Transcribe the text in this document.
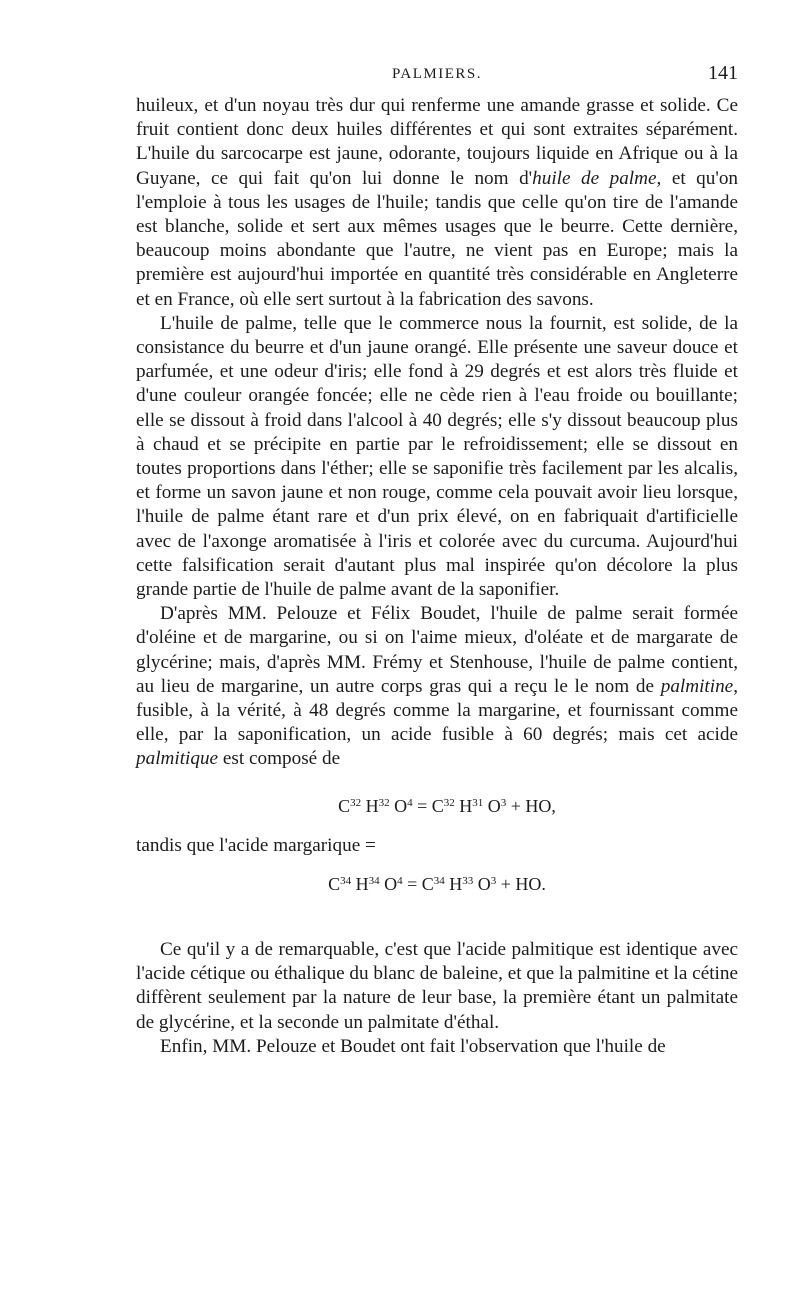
PALMIERS.	141

huileux, et d'un noyau très dur qui renferme une amande grasse et solide. Ce fruit contient donc deux huiles différentes et qui sont extraites séparément. L'huile du sarcocarpe est jaune, odorante, toujours liquide en Afrique ou à la Guyane, ce qui fait qu'on lui donne le nom d'huile de palme, et qu'on l'emploie à tous les usages de l'huile; tandis que celle qu'on tire de l'amande est blanche, solide et sert aux mêmes usages que le beurre. Cette dernière, beaucoup moins abondante que l'autre, ne vient pas en Europe; mais la première est aujourd'hui importée en quantité très considérable en Angleterre et en France, où elle sert surtout à la fabrication des savons.

L'huile de palme, telle que le commerce nous la fournit, est solide, de la consistance du beurre et d'un jaune orangé. Elle présente une saveur douce et parfumée, et une odeur d'iris; elle fond à 29 degrés et est alors très fluide et d'une couleur orangée foncée; elle ne cède rien à l'eau froide ou bouillante; elle se dissout à froid dans l'alcool à 40 degrés; elle s'y dissout beaucoup plus à chaud et se précipite en partie par le refroidissement; elle se dissout en toutes proportions dans l'éther; elle se saponifie très facilement par les alcalis, et forme un savon jaune et non rouge, comme cela pouvait avoir lieu lorsque, l'huile de palme étant rare et d'un prix élevé, on en fabriquait d'artificielle avec de l'axonge aromatisée à l'iris et colorée avec du curcuma. Aujourd'hui cette falsification serait d'autant plus mal inspirée qu'on décolore la plus grande partie de l'huile de palme avant de la saponifier.

D'après MM. Pelouze et Félix Boudet, l'huile de palme serait formée d'oléine et de margarine, ou si on l'aime mieux, d'oléate et de margarate de glycérine; mais, d'après MM. Frémy et Stenhouse, l'huile de palme contient, au lieu de margarine, un autre corps gras qui a reçu le le nom de palmitine, fusible, à la vérité, à 48 degrés comme la margarine, et fournissant comme elle, par la saponification, un acide fusible à 60 degrés; mais cet acide palmitique est composé de

$C^{32}$ $H^{32}$ $O^4 = C^{32}$ $H^{31}$ $O^3$ + HO,

tandis que l'acide margarique =

$C^{34}$ $H^{34}$ $O^4 = C^{34}$ $H^{33}$ $O^3$ + HO.

Ce qu'il y a de remarquable, c'est que l'acide palmitique est identique avec l'acide cétique ou éthalique du blanc de baleine, et que la palmitine et la cétine diffèrent seulement par la nature de leur base, la première étant un palmitate de glycérine, et la seconde un palmitate d'éthal.

Enfin, MM. Pelouze et Boudet ont fait l'observation que l'huile de
